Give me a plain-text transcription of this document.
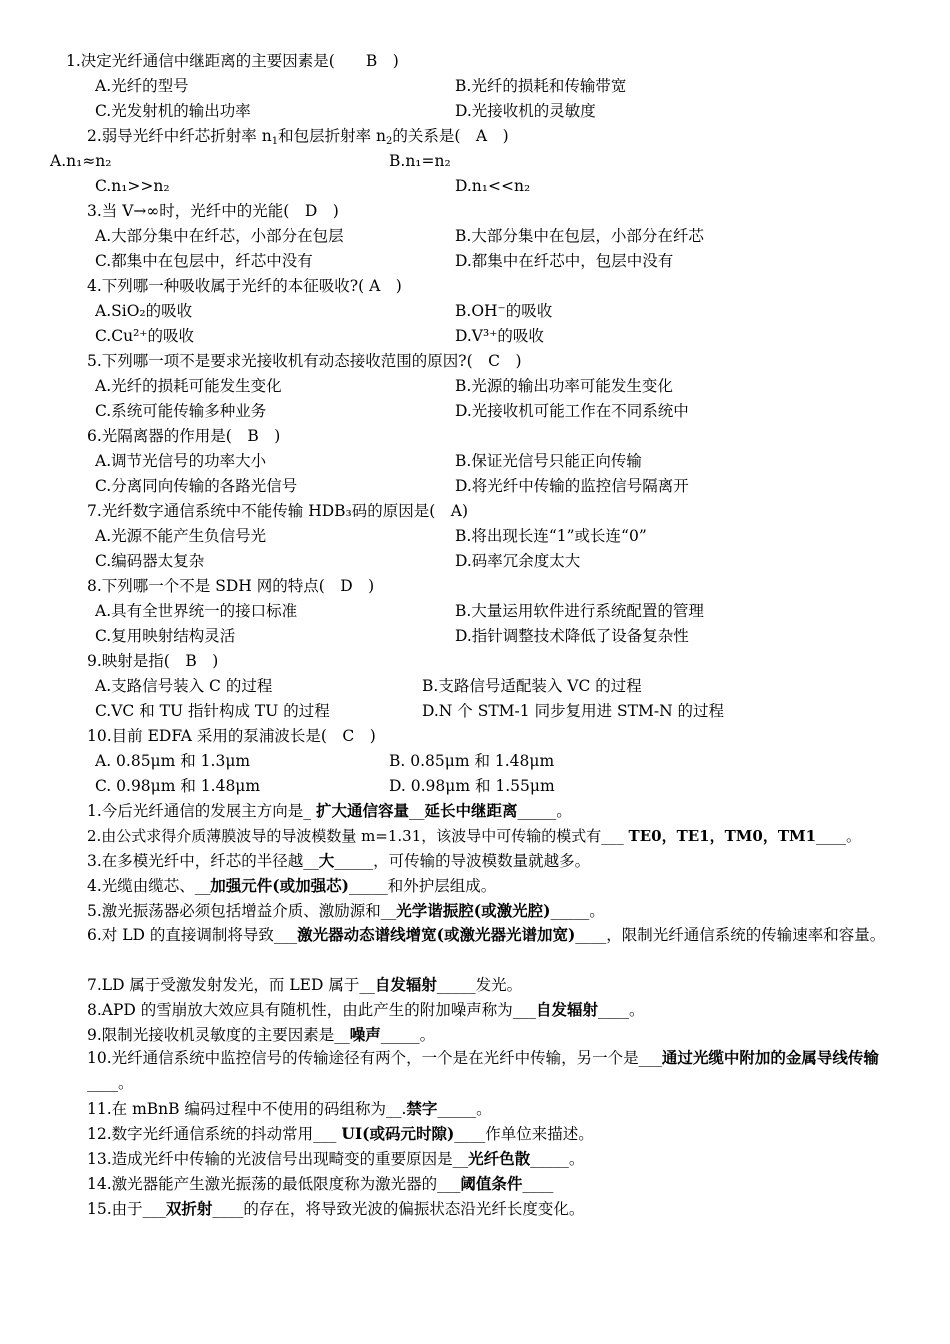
1.决定光纤通信中继距离的主要因素是(　　B　)
A.光纤的型号	B.光纤的损耗和传输带宽
C.光发射机的输出功率	D.光接收机的灵敏度
2.弱导光纤中纤芯折射率 $n_1$和包层折射率 $n_2$的关系是(　A　)
A.n₁≈n₂	B.n₁=n₂
C.n₁>>n₂	D.n₁<<n₂
3.当 V→∞时，光纤中的光能(　D　)
A.大部分集中在纤芯，小部分在包层	B.大部分集中在包层，小部分在纤芯
C.都集中在包层中，纤芯中没有	D.都集中在纤芯中，包层中没有
4.下列哪一种吸收属于光纤的本征吸收?( A　)
A.SiO₂的吸收	B.OH⁻的吸收
C.Cu²⁺的吸收	D.V³⁺的吸收
5.下列哪一项不是要求光接收机有动态接收范围的原因?(　C　)
A.光纤的损耗可能发生变化	B.光源的输出功率可能发生变化
C.系统可能传输多种业务	D.光接收机可能工作在不同系统中
6.光隔离器的作用是(　B　)
A.调节光信号的功率大小	B.保证光信号只能正向传输
C.分离同向传输的各路光信号	D.将光纤中传输的监控信号隔离开
7.光纤数字通信系统中不能传输 HDB₃码的原因是(　A)
A.光源不能产生负信号光	B.将出现长连“1”或长连“0”
C.编码器太复杂	D.码率冗余度太大
8.下列哪一个不是 SDH 网的特点(　D　)
A.具有全世界统一的接口标准	B.大量运用软件进行系统配置的管理
C.复用映射结构灵活	D.指针调整技术降低了设备复杂性
9.映射是指(　B　)
A.支路信号装入 C 的过程	B.支路信号适配装入 VC 的过程
C.VC 和 TU 指针构成 TU 的过程	D.N 个 STM-1 同步复用进 STM-N 的过程
10.目前 EDFA 采用的泵浦波长是(　C　)
A. 0.85μm 和 1.3μm	B. 0.85μm 和 1.48μm
C. 0.98μm 和 1.48μm	D. 0.98μm 和 1.55μm
1.今后光纤通信的发展主方向是_ 扩大通信容量__延长中继距离_____。
2.由公式求得介质薄膜波导的导波模数量 m=1.31，该波导中可传输的模式有___ TE0，TE1，TM0，TM1____。
3.在多模光纤中，纤芯的半径越__大_____，可传输的导波模数量就越多。
4.光缆由缆芯、__加强元件(或加强芯)_____和外护层组成。
5.激光振荡器必须包括增益介质、激励源和__光学谐振腔(或激光腔)_____。
6.对 LD 的直接调制将导致___激光器动态谱线增宽(或激光器光谱加宽)____，限制光纤通信系统的传输速率和容量。
7.LD 属于受激发射发光，而 LED 属于__自发辐射_____发光。
8.APD 的雪崩放大效应具有随机性，由此产生的附加噪声称为___自发辐射____。
9.限制光接收机灵敏度的主要因素是__噪声_____。
10.光纤通信系统中监控信号的传输途径有两个，一个是在光纤中传输，另一个是___通过光缆中附加的金属导线传输____。
11.在 mBnB 编码过程中不使用的码组称为__.禁字_____。
12.数字光纤通信系统的抖动常用___ UI(或码元时隙)____作单位来描述。
13.造成光纤中传输的光波信号出现畸变的重要原因是__光纤色散_____。
14.激光器能产生激光振荡的最低限度称为激光器的___阈值条件____
15.由于___双折射____的存在，将导致光波的偏振状态沿光纤长度变化。
